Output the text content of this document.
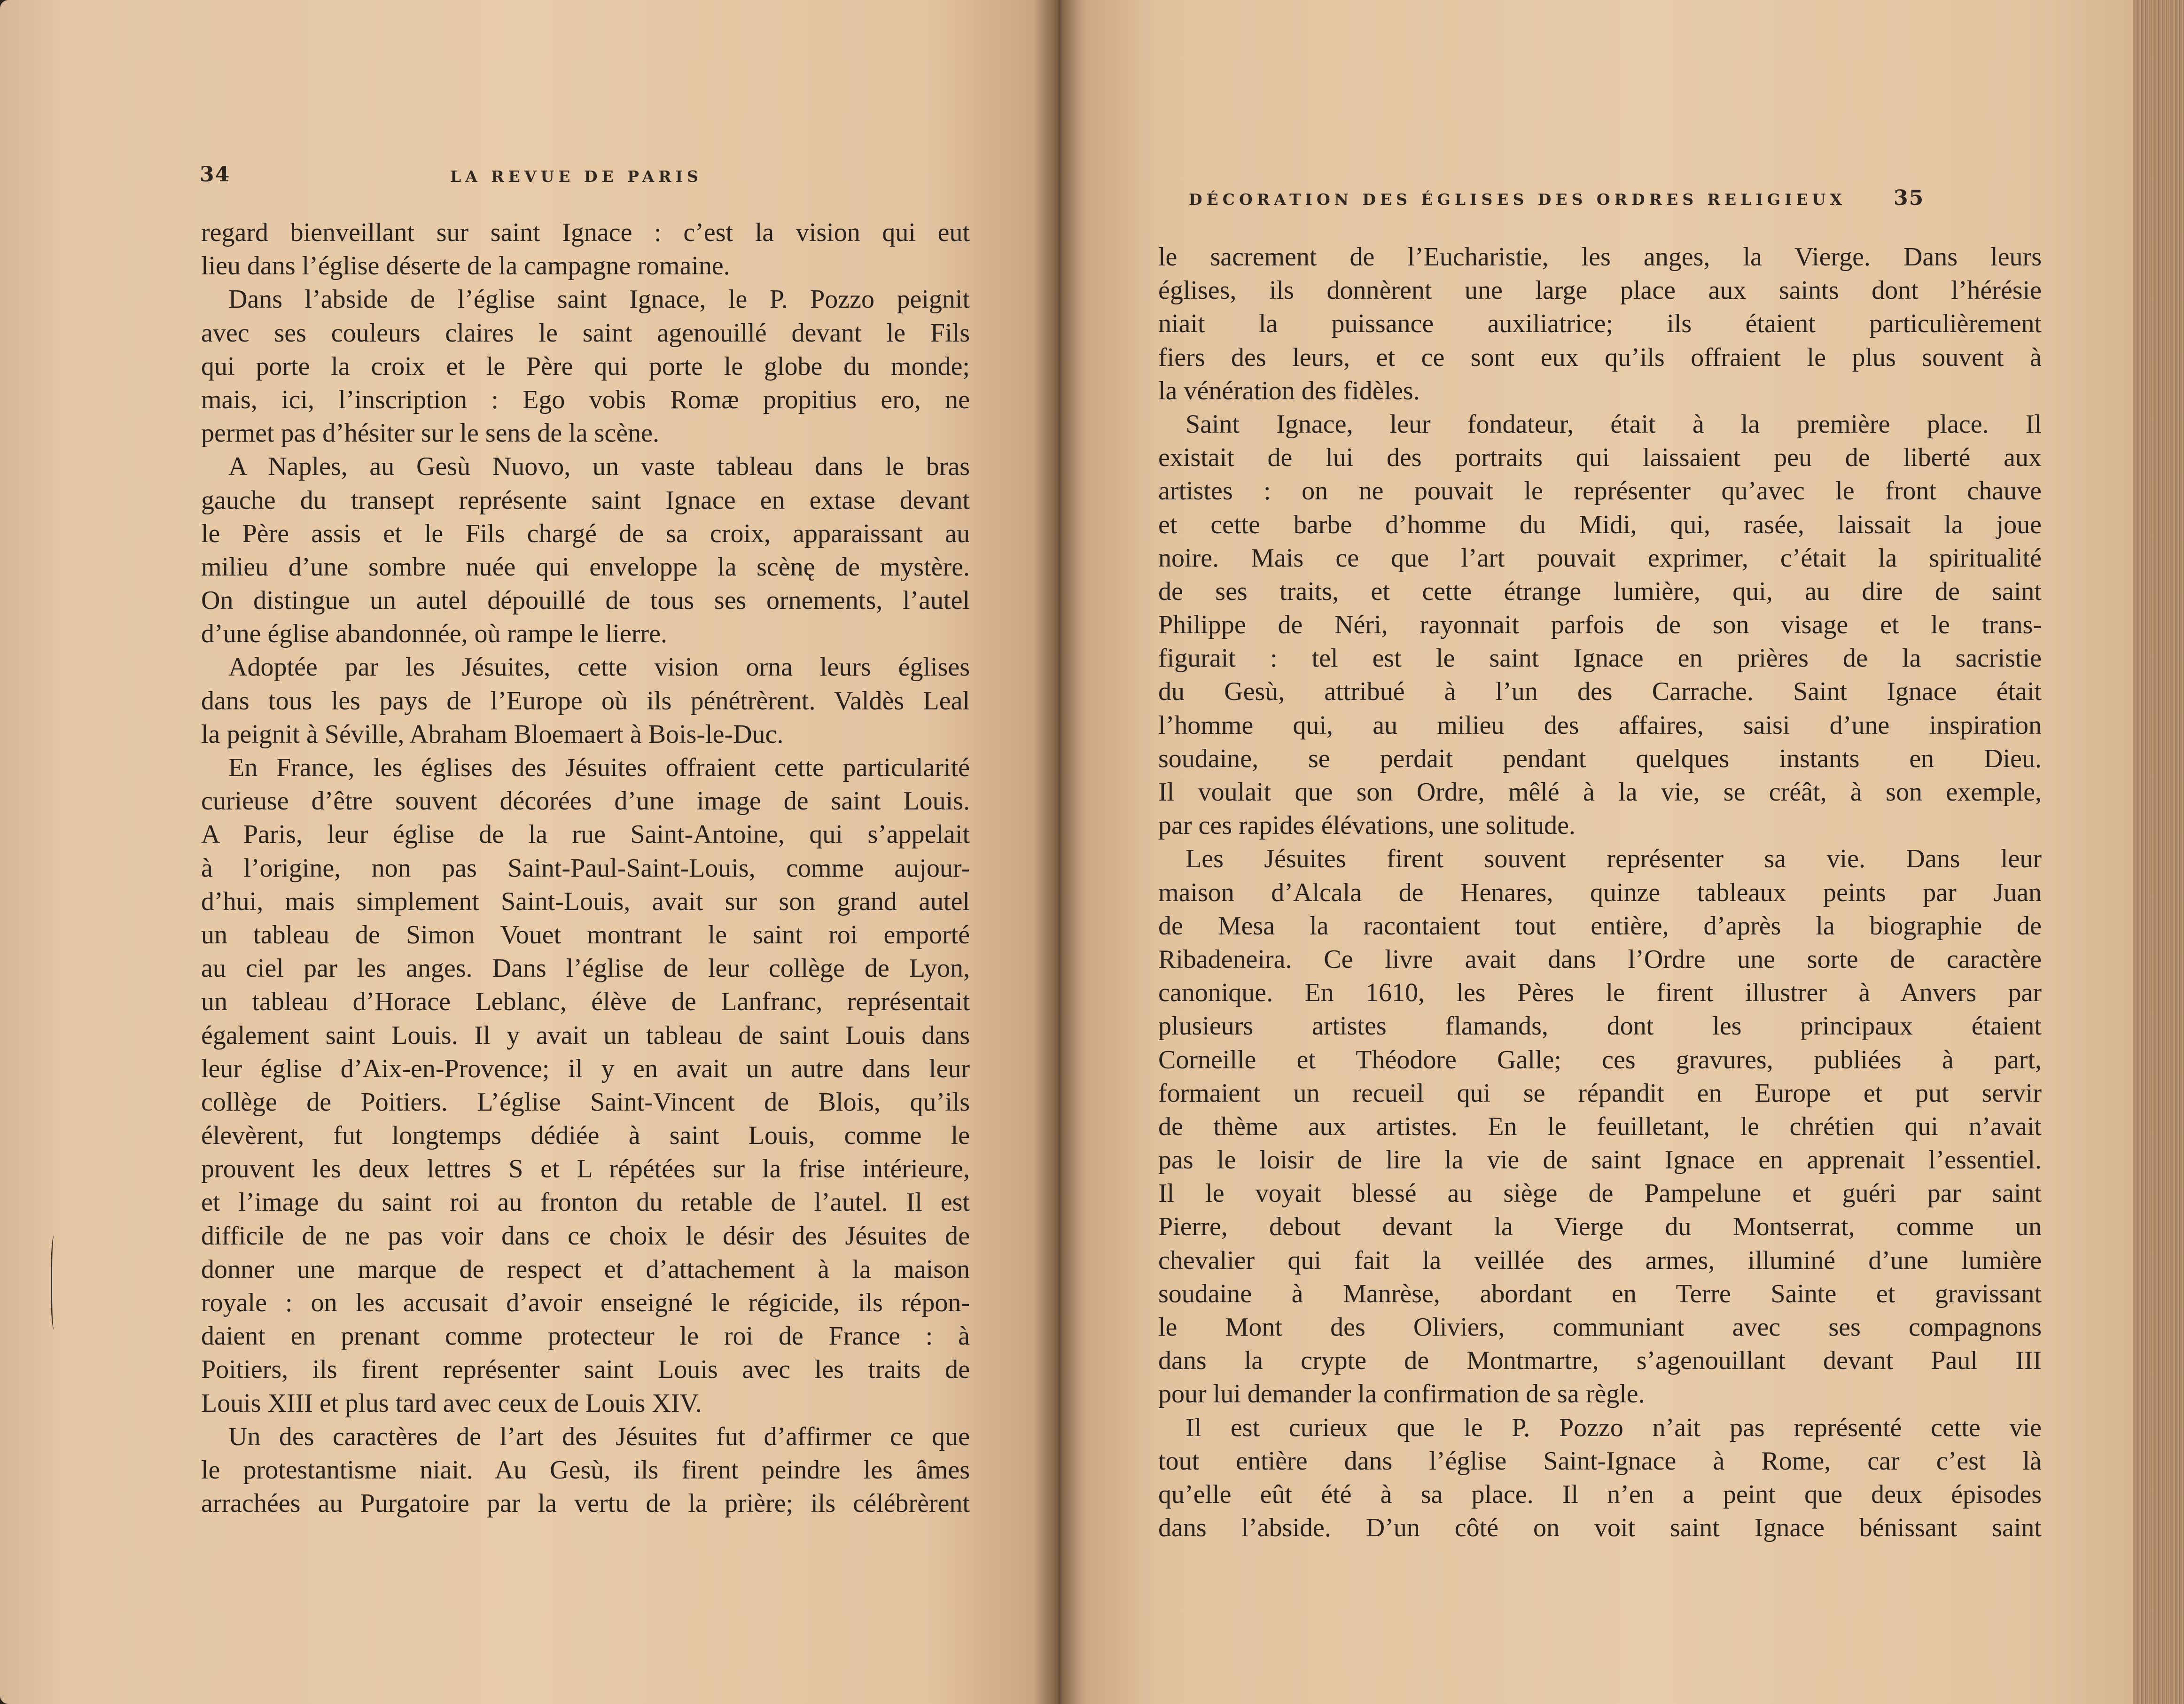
34	LA REVUE DE PARIS
regard bienveillant sur saint Ignace : c’est la vision qui eut
lieu dans l’église déserte de la campagne romaine.
Dans l’abside de l’église saint Ignace, le P. Pozzo peignit
avec ses couleurs claires le saint agenouillé devant le Fils
qui porte la croix et le Père qui porte le globe du monde;
mais, ici, l’inscription : Ego vobis Romæ propitius ero, ne
permet pas d’hésiter sur le sens de la scène.
A Naples, au Gesù Nuovo, un vaste tableau dans le bras
gauche du transept représente saint Ignace en extase devant
le Père assis et le Fils chargé de sa croix, apparaissant au
milieu d’une sombre nuée qui enveloppe la scènę de mystère.
On distingue un autel dépouillé de tous ses ornements, l’autel
d’une église abandonnée, où rampe le lierre.
Adoptée par les Jésuites, cette vision orna leurs églises
dans tous les pays de l’Europe où ils pénétrèrent. Valdès Leal
la peignit à Séville, Abraham Bloemaert à Bois-le-Duc.
En France, les églises des Jésuites offraient cette particularité
curieuse d’être souvent décorées d’une image de saint Louis.
A Paris, leur église de la rue Saint-Antoine, qui s’appelait
à l’origine, non pas Saint-Paul-Saint-Louis, comme aujour-
d’hui, mais simplement Saint-Louis, avait sur son grand autel
un tableau de Simon Vouet montrant le saint roi emporté
au ciel par les anges. Dans l’église de leur collège de Lyon,
un tableau d’Horace Leblanc, élève de Lanfranc, représentait
également saint Louis. Il y avait un tableau de saint Louis dans
leur église d’Aix-en-Provence; il y en avait un autre dans leur
collège de Poitiers. L’église Saint-Vincent de Blois, qu’ils
élevèrent, fut longtemps dédiée à saint Louis, comme le
prouvent les deux lettres S et L répétées sur la frise intérieure,
et l’image du saint roi au fronton du retable de l’autel. Il est
difficile de ne pas voir dans ce choix le désir des Jésuites de
donner une marque de respect et d’attachement à la maison
royale : on les accusait d’avoir enseigné le régicide, ils répon-
daient en prenant comme protecteur le roi de France : à
Poitiers, ils firent représenter saint Louis avec les traits de
Louis XIII et plus tard avec ceux de Louis XIV.
Un des caractères de l’art des Jésuites fut d’affirmer ce que
le protestantisme niait. Au Gesù, ils firent peindre les âmes
arrachées au Purgatoire par la vertu de la prière; ils célébrèrent
DÉCORATION DES ÉGLISES DES ORDRES RELIGIEUX 35
le sacrement de l’Eucharistie, les anges, la Vierge. Dans leurs
églises, ils donnèrent une large place aux saints dont l’hérésie
niait la puissance auxiliatrice; ils étaient particulièrement
fiers des leurs, et ce sont eux qu’ils offraient le plus souvent à
la vénération des fidèles.
Saint Ignace, leur fondateur, était à la première place. Il
existait de lui des portraits qui laissaient peu de liberté aux
artistes : on ne pouvait le représenter qu’avec le front chauve
et cette barbe d’homme du Midi, qui, rasée, laissait la joue
noire. Mais ce que l’art pouvait exprimer, c’était la spiritualité
de ses traits, et cette étrange lumière, qui, au dire de saint
Philippe de Néri, rayonnait parfois de son visage et le trans-
figurait : tel est le saint Ignace en prières de la sacristie
du Gesù, attribué à l’un des Carrache. Saint Ignace était
l’homme qui, au milieu des affaires, saisi d’une inspiration
soudaine, se perdait pendant quelques instants en Dieu.
Il voulait que son Ordre, mêlé à la vie, se créât, à son exemple,
par ces rapides élévations, une solitude.
Les Jésuites firent souvent représenter sa vie. Dans leur
maison d’Alcala de Henares, quinze tableaux peints par Juan
de Mesa la racontaient tout entière, d’après la biographie de
Ribadeneira. Ce livre avait dans l’Ordre une sorte de caractère
canonique. En 1610, les Pères le firent illustrer à Anvers par
plusieurs artistes flamands, dont les principaux étaient
Corneille et Théodore Galle; ces gravures, publiées à part,
formaient un recueil qui se répandit en Europe et put servir
de thème aux artistes. En le feuilletant, le chrétien qui n’avait
pas le loisir de lire la vie de saint Ignace en apprenait l’essentiel.
Il le voyait blessé au siège de Pampelune et guéri par saint
Pierre, debout devant la Vierge du Montserrat, comme un
chevalier qui fait la veillée des armes, illuminé d’une lumière
soudaine à Manrèse, abordant en Terre Sainte et gravissant
le Mont des Oliviers, communiant avec ses compagnons
dans la crypte de Montmartre, s’agenouillant devant Paul III
pour lui demander la confirmation de sa règle.
Il est curieux que le P. Pozzo n’ait pas représenté cette vie
tout entière dans l’église Saint-Ignace à Rome, car c’est là
qu’elle eût été à sa place. Il n’en a peint que deux épisodes
dans l’abside. D’un côté on voit saint Ignace bénissant saint
